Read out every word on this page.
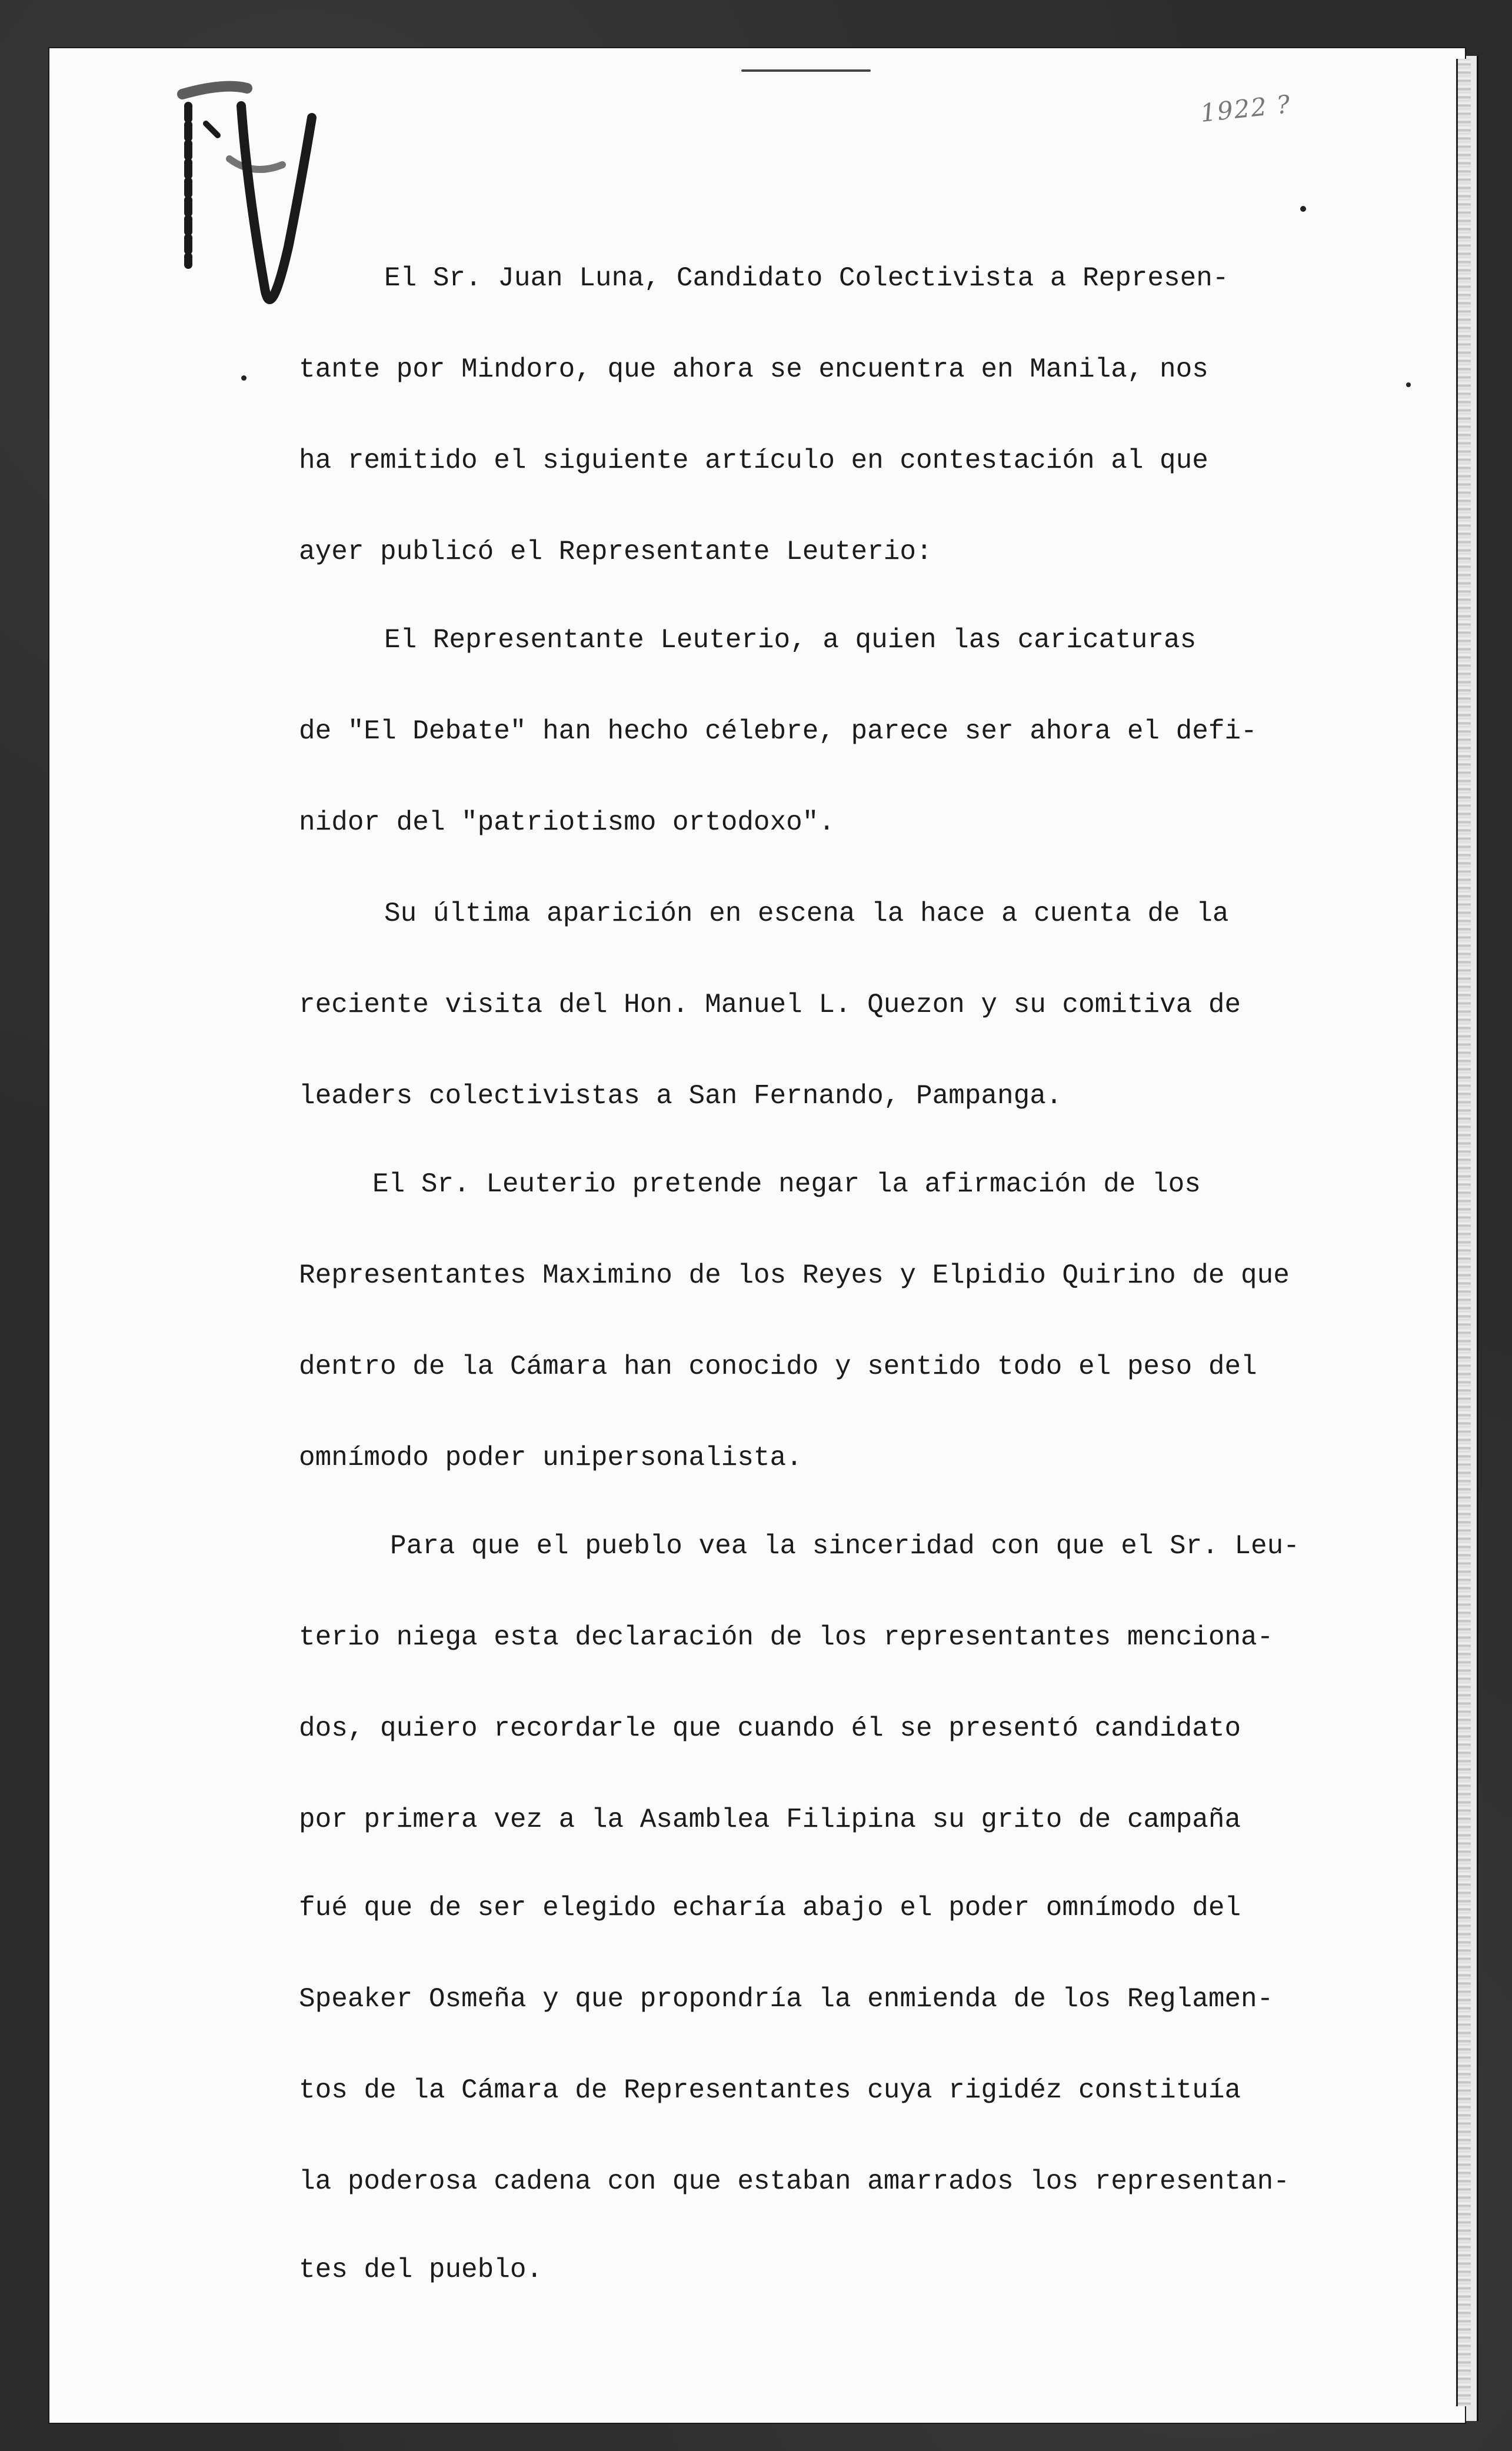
1922 ?
El Sr. Juan Luna, Candidato Colectivista a Represen-
tante por Mindoro, que ahora se encuentra en Manila, nos
ha remitido el siguiente artículo en contestación al que
ayer publicó el Representante Leuterio:
El Representante Leuterio, a quien las caricaturas
de "El Debate" han hecho célebre, parece ser ahora el defi-
nidor del "patriotismo ortodoxo".
Su última aparición en escena la hace a cuenta de la
reciente visita del Hon. Manuel L. Quezon y su comitiva de
leaders colectivistas a San Fernando, Pampanga.
El Sr. Leuterio pretende negar la afirmación de los
Representantes Maximino de los Reyes y Elpidio Quirino de que
dentro de la Cámara han conocido y sentido todo el peso del
omnímodo poder unipersonalista.
Para que el pueblo vea la sinceridad con que el Sr. Leu-
terio niega esta declaración de los representantes menciona-
dos, quiero recordarle que cuando él se presentó candidato
por primera vez a la Asamblea Filipina su grito de campaña
fué que de ser elegido echaría abajo el poder omnímodo del
Speaker Osmeña y que propondría la enmienda de los Reglamen-
tos de la Cámara de Representantes cuya rigidéz constituía
la poderosa cadena con que estaban amarrados los representan-
tes del pueblo.
